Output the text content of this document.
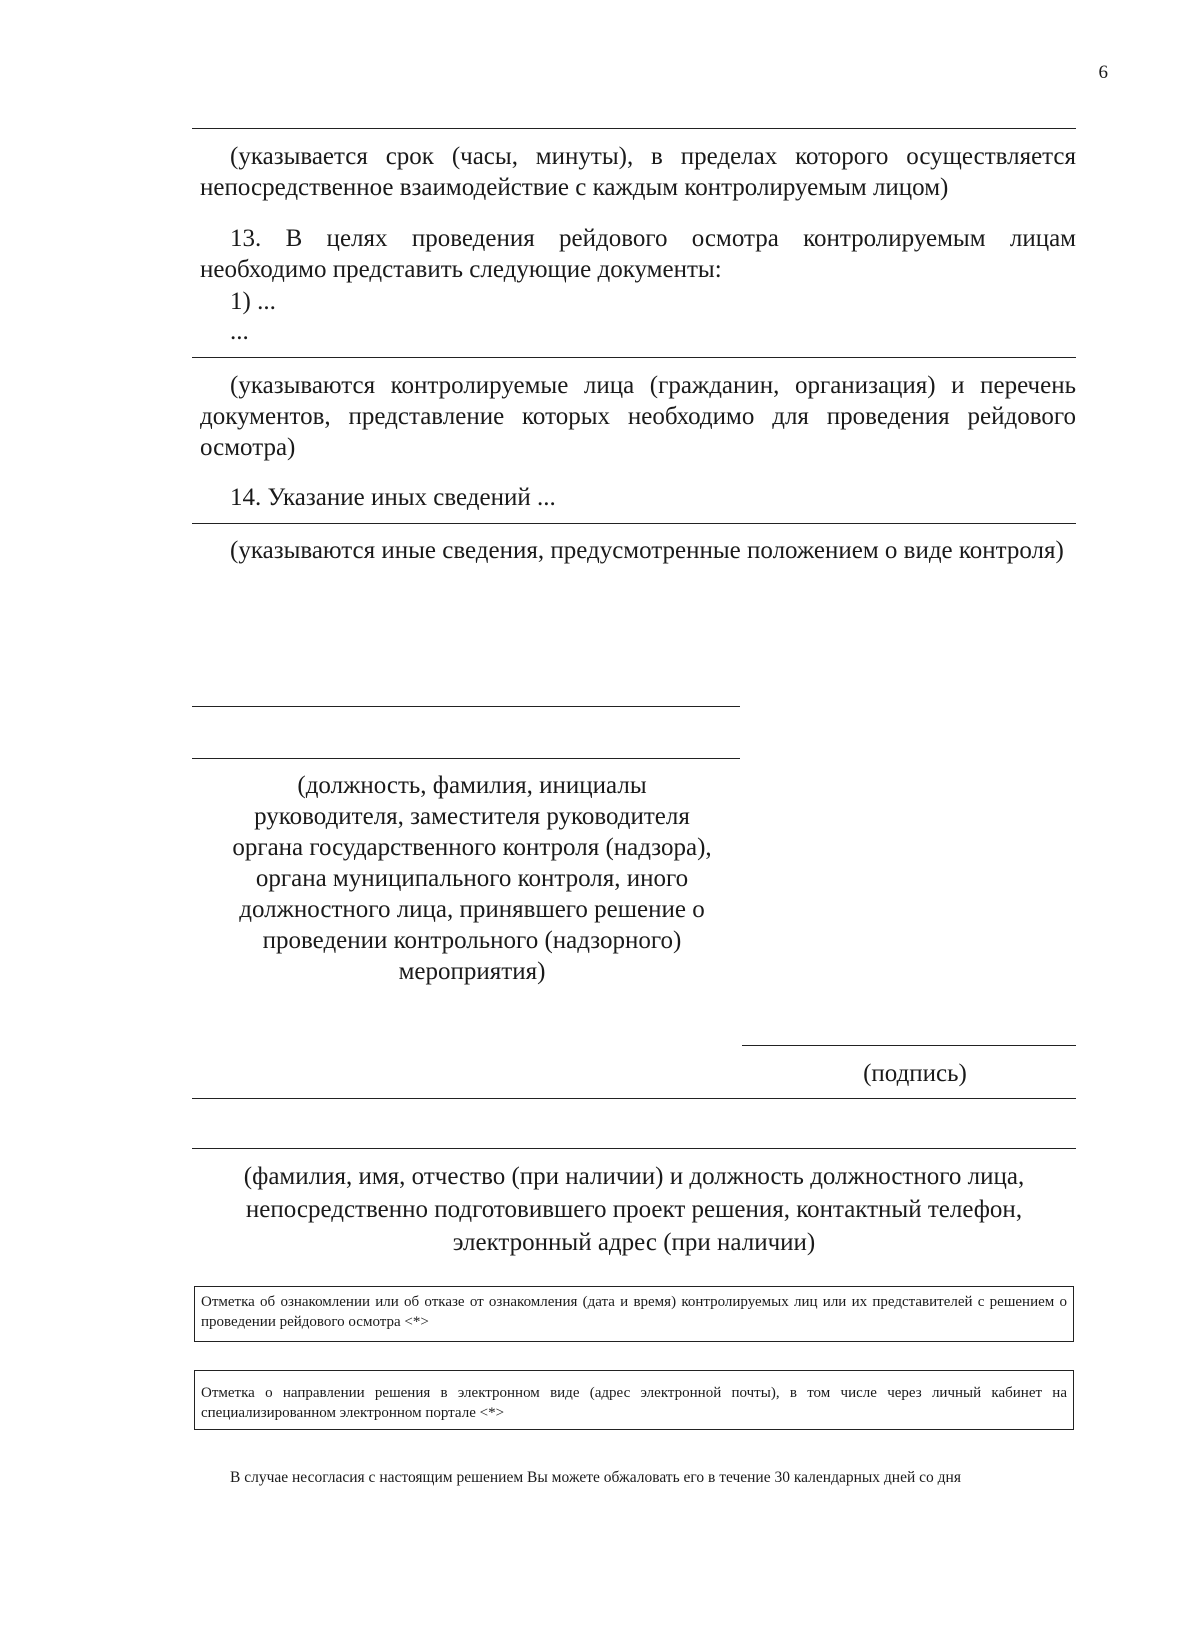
6
(указывается срок (часы, минуты), в пределах которого осуществляется непосредственное взаимодействие с каждым контролируемым лицом)
13. В целях проведения рейдового осмотра контролируемым лицам необходимо представить следующие документы:
1) ...
...
(указываются контролируемые лица (гражданин, организация) и перечень документов, представление которых необходимо для проведения рейдового осмотра)
14. Указание иных сведений ...
(указываются иные сведения, предусмотренные положением о виде контроля)
(должность, фамилия, инициалы
руководителя, заместителя руководителя
органа государственного контроля (надзора),
органа муниципального контроля, иного
должностного лица, принявшего решение о
проведении контрольного (надзорного)
мероприятия)
(подпись)
(фамилия, имя, отчество (при наличии) и должность должностного лица,
непосредственно подготовившего проект решения, контактный телефон,
электронный адрес (при наличии)
Отметка об ознакомлении или об отказе от ознакомления (дата и время) контролируемых лиц или их представителей с решением о проведении рейдового осмотра <*>
Отметка о направлении решения в электронном виде (адрес электронной почты), в том числе через личный кабинет на специализированном электронном портале <*>
В случае несогласия с настоящим решением Вы можете обжаловать его в течение 30 календарных дней со дня
